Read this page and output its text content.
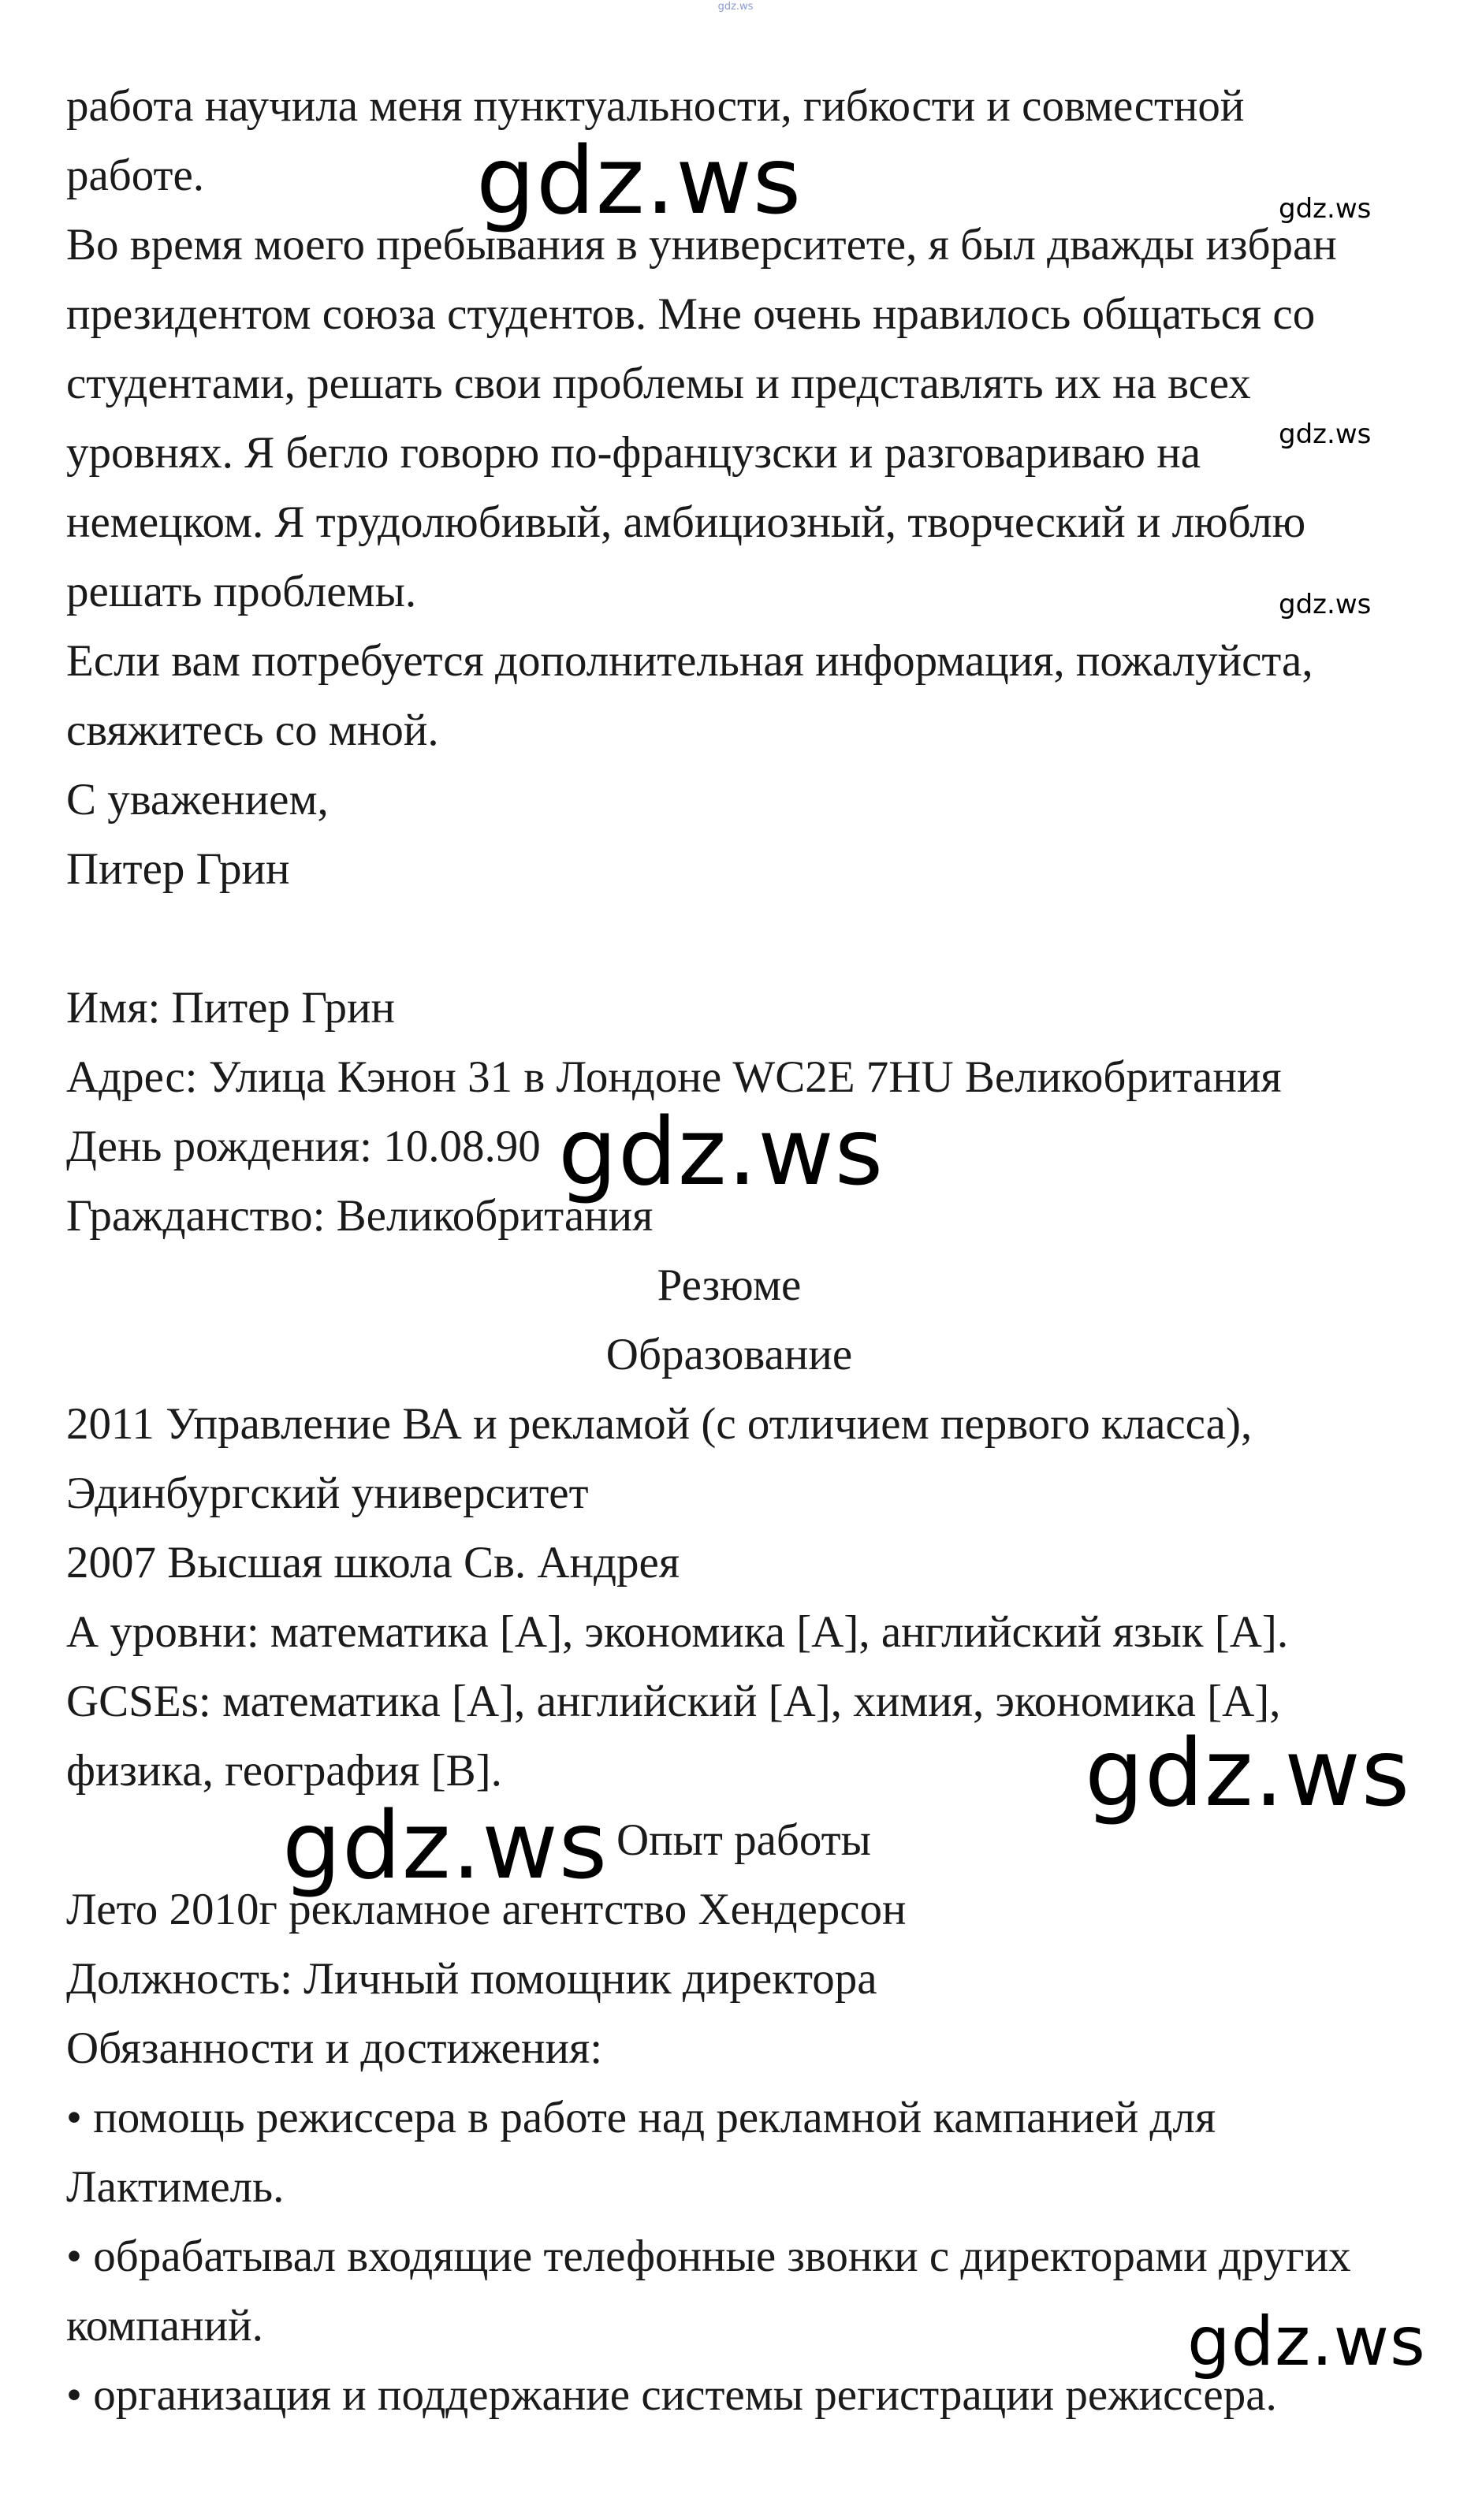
gdz.ws
работа научила меня пунктуальности, гибкости и совместной
работе.
Во время моего пребывания в университете, я был дважды избран
президентом союза студентов. Мне очень нравилось общаться со
студентами, решать свои проблемы и представлять их на всех
уровнях. Я бегло говорю по-французски и разговариваю на
немецком. Я трудолюбивый, амбициозный, творческий и люблю
решать проблемы.
Если вам потребуется дополнительная информация, пожалуйста,
свяжитесь со мной.
С уважением,
Питер Грин
Имя: Питер Грин
Адрес: Улица Кэнон 31 в Лондоне WC2E 7HU Великобритания
День рождения: 10.08.90
Гражданство: Великобритания
Резюме
Образование
2011 Управление ВА и рекламой (с отличием первого класса),
Эдинбургский университет
2007 Высшая школа Св. Андрея
А уровни: математика [А], экономика [А], английский язык [А].
GCSEs: математика [А], английский [А], химия, экономика [А],
физика, география [В].
Опыт работы
Лето 2010г рекламное агентство Хендерсон
Должность: Личный помощник директора
Обязанности и достижения:
• помощь режиссера в работе над рекламной кампанией для
Лактимель.
• обрабатывал входящие телефонные звонки с директорами других
компаний.
• организация и поддержание системы регистрации режиссера.
gdz.ws	gdz.ws
gdz.ws
gdz.ws
gdz.ws
gdz.ws
gdz.ws
gdz.ws
